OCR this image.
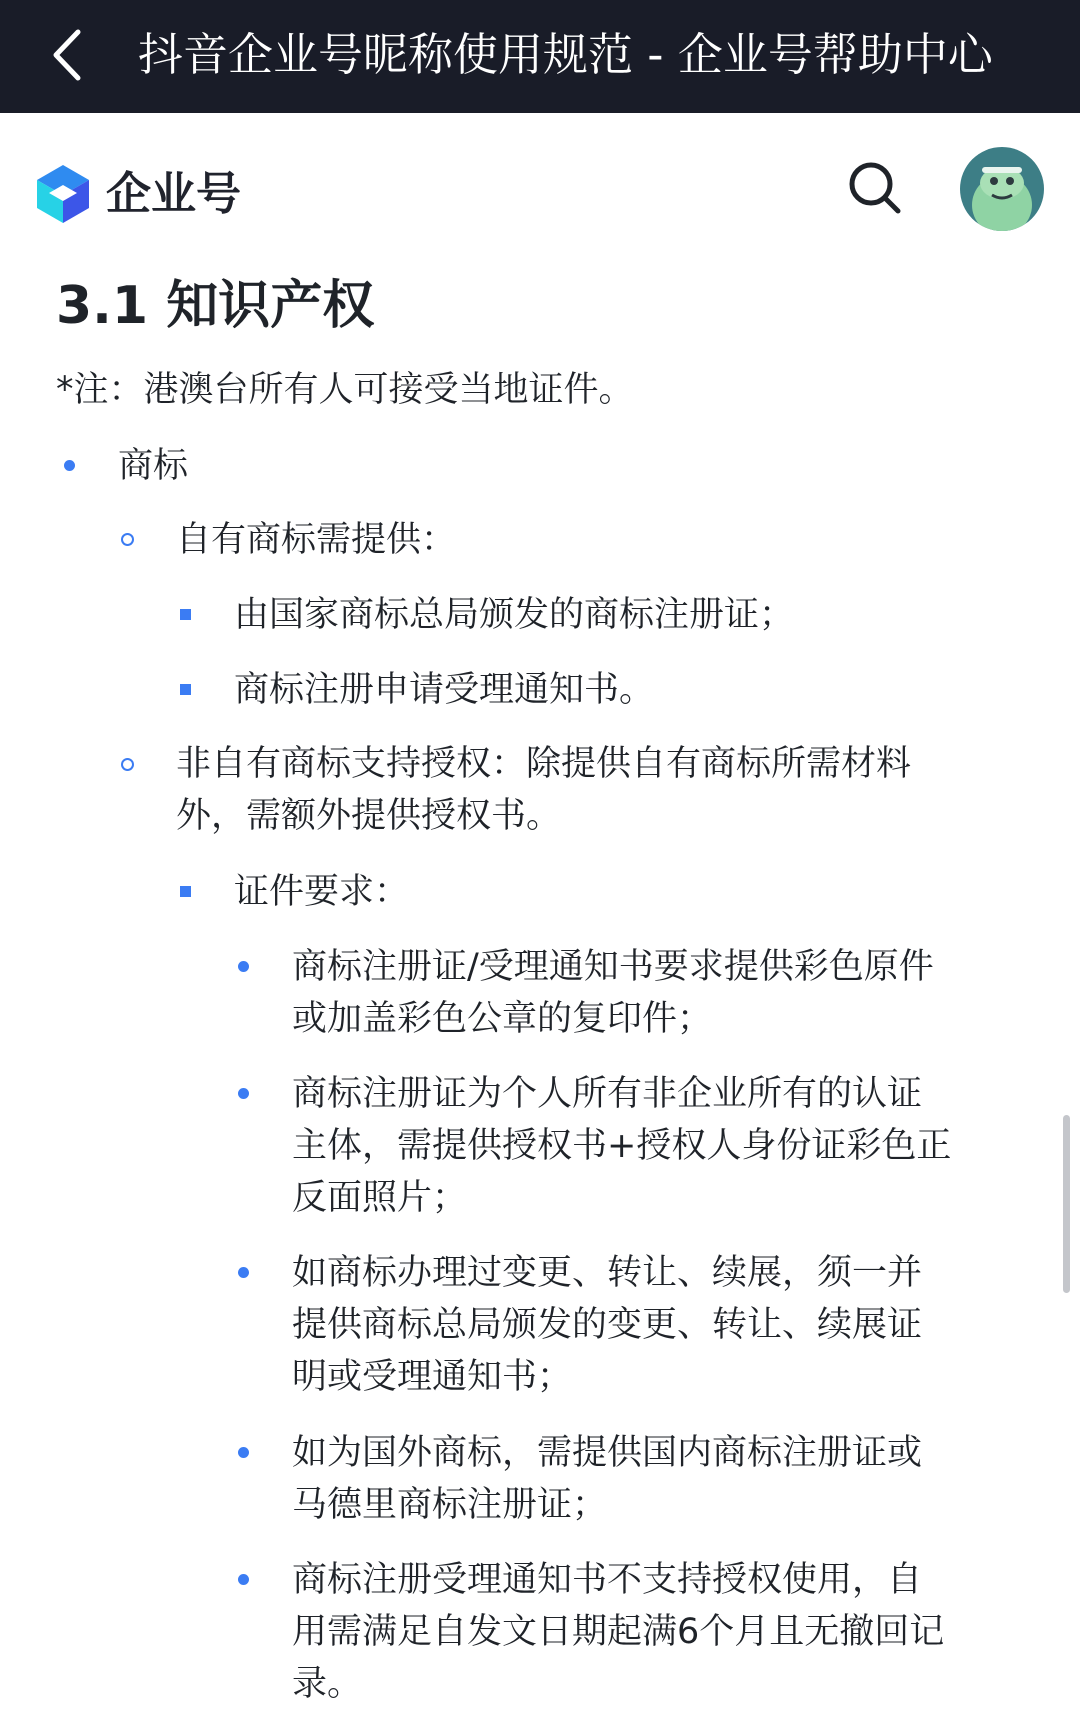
抖音企业号昵称使用规范 - 企业号帮助中心
企业号
3.1 知识产权
*注：港澳台所有人可接受当地证件。
商标
自有商标需提供：
由国家商标总局颁发的商标注册证；
商标注册申请受理通知书。
非自有商标支持授权：除提供自有商标所需材料
外，需额外提供授权书。
证件要求：
商标注册证/受理通知书要求提供彩色原件
或加盖彩色公章的复印件；
商标注册证为个人所有非企业所有的认证
主体，需提供授权书+授权人身份证彩色正
反面照片；
如商标办理过变更、转让、续展，须一并
提供商标总局颁发的变更、转让、续展证
明或受理通知书；
如为国外商标，需提供国内商标注册证或
马德里商标注册证；
商标注册受理通知书不支持授权使用，自
用需满足自发文日期起满6个月且无撤回记
录。
